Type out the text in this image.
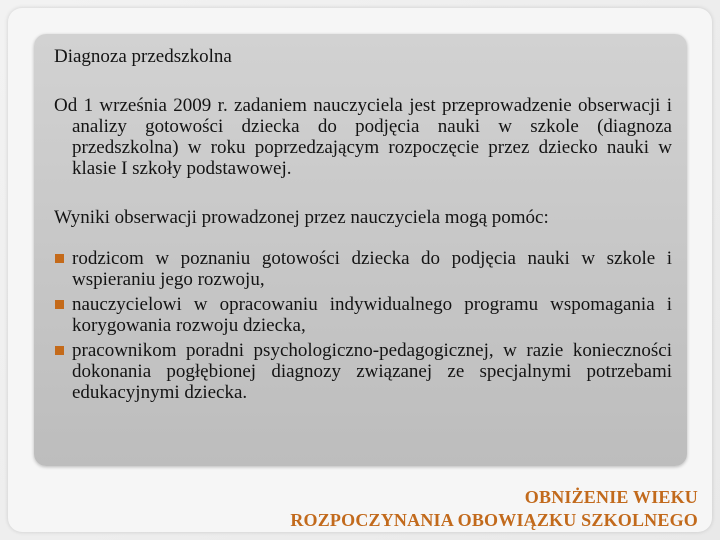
Diagnoza przedszkolna

Od 1 września 2009 r. zadaniem nauczyciela jest przeprowadzenie obserwacji i analizy gotowości dziecka do podjęcia nauki w szkole (diagnoza przedszkolna) w roku poprzedzającym rozpoczęcie przez dziecko nauki w klasie I szkoły podstawowej.

Wyniki obserwacji prowadzonej przez nauczyciela mogą pomóc:

rodzicom w poznaniu gotowości dziecka do podjęcia nauki w szkole i wspieraniu jego rozwoju,
nauczycielowi w opracowaniu indywidualnego programu wspomagania i korygowania rozwoju dziecka,
pracownikom poradni psychologiczno-pedagogicznej, w razie konieczności dokonania pogłębionej diagnozy związanej ze specjalnymi potrzebami edukacyjnymi dziecka.
OBNIŻENIE WIEKU
ROZPOCZYNANIA OBOWIĄZKU SZKOLNEGO
